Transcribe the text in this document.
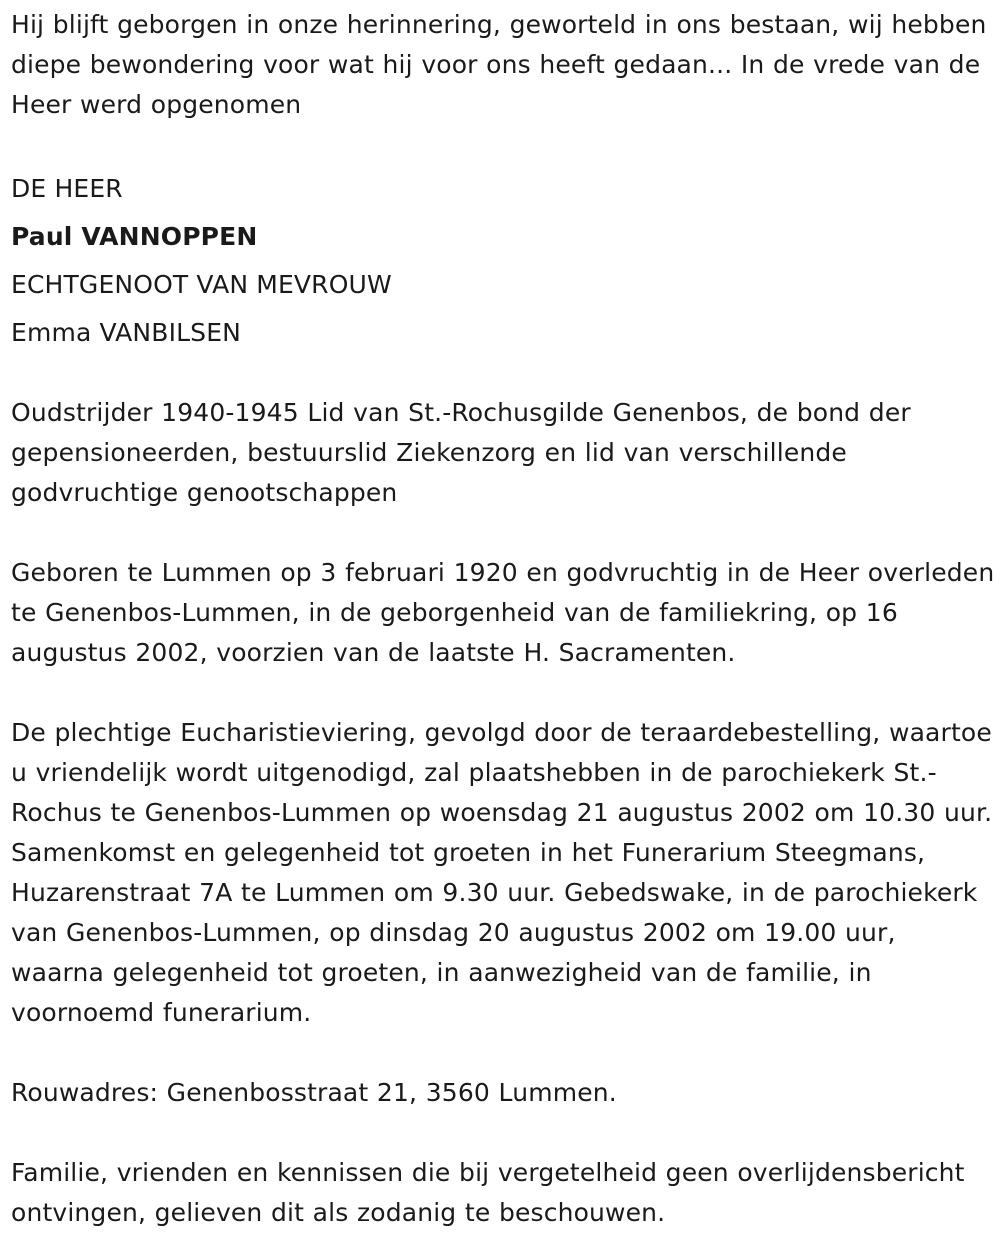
Hij blijft geborgen in onze herinnering, geworteld in ons bestaan, wij hebben diepe bewondering voor wat hij voor ons heeft gedaan... In de vrede van de Heer werd opgenomen

DE HEER

Paul VANNOPPEN

ECHTGENOOT VAN MEVROUW

Emma VANBILSEN

Oudstrijder 1940-1945 Lid van St.-Rochusgilde Genenbos, de bond der gepensioneerden, bestuurslid Ziekenzorg en lid van verschillende godvruchtige genootschappen

Geboren te Lummen op 3 februari 1920 en godvruchtig in de Heer overleden te Genenbos-Lummen, in de geborgenheid van de familiekring, op 16 augustus 2002, voorzien van de laatste H. Sacramenten.

De plechtige Eucharistieviering, gevolgd door de teraardebestelling, waartoe u vriendelijk wordt uitgenodigd, zal plaatshebben in de parochiekerk St.-Rochus te Genenbos-Lummen op woensdag 21 augustus 2002 om 10.30 uur. Samenkomst en gelegenheid tot groeten in het Funerarium Steegmans, Huzarenstraat 7A te Lummen om 9.30 uur. Gebedswake, in de parochiekerk van Genenbos-Lummen, op dinsdag 20 augustus 2002 om 19.00 uur, waarna gelegenheid tot groeten, in aanwezigheid van de familie, in voornoemd funerarium.

Rouwadres: Genenbosstraat 21, 3560 Lummen.

Familie, vrienden en kennissen die bij vergetelheid geen overlijdensbericht ontvingen, gelieven dit als zodanig te beschouwen.
